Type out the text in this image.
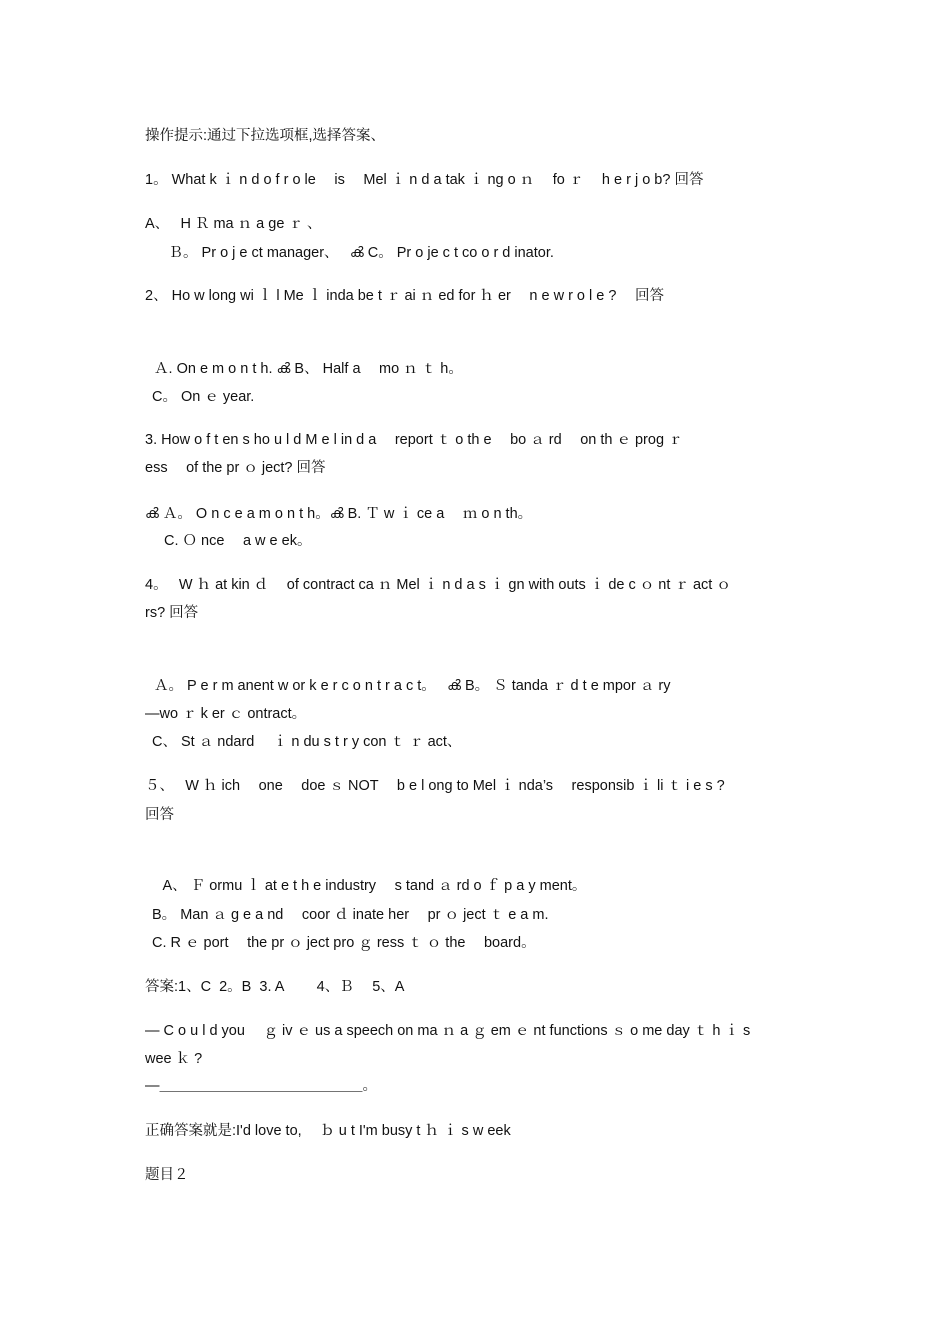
操作提示:通过下拉选项框,选择答案、
1。 What k ｉ n d o f r o le　 is　 Mel ｉ n d a tak ｉ ng o ｎ　 fo ｒ　 h e r j o b? 回答
A、　 H Ｒ ma ｎ a ge ｒ 、
　 Ｂ。 Pr o j e ct manager、　 ൿ C。 Pr o je c t co o r d inator.
2、 Ho w long wi ｌ l Me ｌ inda be t ｒ ai ｎ ed for ｈ er　 n e w r o l e ?　 回答
Ａ. On e m o n t h. ൿ B、 Half a　 mo ｎ ｔ h。
C。 On ｅ year.
3. How o f t en s ho u l d M e l in d a　 report ｔ o th e　 bo ａ rd　 on th ｅ prog ｒ
ess　 of the pr ｏ ject? 回答
ൿ Ａ。 O n c e a m o n t h。ൿ B. Ｔ w ｉ ce a　 ｍ o n th。
C. Ｏ nce　 a w e ek。
4。　 W ｈ at kin ｄ　 of contract ca ｎ Mel ｉ n d a s ｉ gn with outs ｉ de c ｏ nt ｒ act ｏ
rs? 回答
Ａ。 P e r m anent w or k e r c o n t r a c t。　 ൿ B。 Ｓ tanda ｒ d t e mpor ａ ry
—wo ｒ k er ｃ ontract。
C、 St ａ ndard　 ｉ n du s t r y con ｔ ｒ act、
５、　 W ｈ ich　 one　 doe ｓ NOT　 b e l ong to Mel ｉ nda’s　 responsib ｉ li ｔ i e s ?
回答
　A、 Ｆ ormu ｌ at e t h e industry　 s tand ａ rd o ｆ p a y ment。
B。 Man ａ g e a nd　 coor ｄ inate her　 pr ｏ ject ｔ e a m.
C. R ｅ port　 the pr ｏ ject pro ｇ ress ｔ ｏ the　 board。
答案:1、C  2。B  3. A　　 4、Ｂ　 5、A
— C o u l d you　 ｇ iv ｅ us a speech on ma ｎ a ｇ em ｅ nt functions ｓ o me day ｔ h ｉ s
wee ｋ ?
—＿＿＿＿＿＿＿＿＿＿＿＿＿＿。
正确答案就是:I'd love to,　 ｂ u t I'm busy t ｈ ｉ s w eek
题目２
